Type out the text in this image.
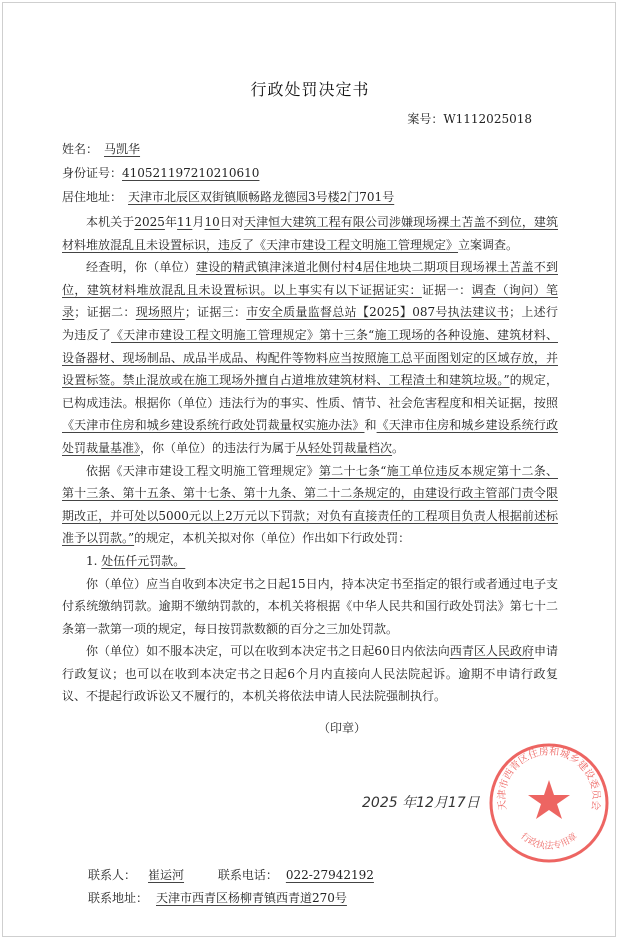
行政处罚决定书
案号：W1112025018
姓名： 马凯华
身份证号：410521197210210610
居住地址： 天津市北辰区双街镇顺畅路龙德园3号楼2门701号

本机关于2025年11月10日对天津恒大建筑工程有限公司涉嫌现场裸土苫盖不到位，建筑材料堆放混乱且未设置标识，违反了《天津市建设工程文明施工管理规定》立案调查。

经查明，你（单位）建设的精武镇津涞道北侧付村4居住地块二期项目现场裸土苫盖不到位，建筑材料堆放混乱且未设置标识。以上事实有以下证据证实：证据一：调查（询问）笔录；证据二：现场照片；证据三：市安全质量监督总站【2025】087号执法建议书；上述行为违反了《天津市建设工程文明施工管理规定》第十三条“施工现场的各种设施、建筑材料、设备器材、现场制品、成品半成品、构配件等物料应当按照施工总平面图划定的区域存放，并设置标签。禁止混放或在施工现场外擅自占道堆放建筑材料、工程渣土和建筑垃圾。”的规定，已构成违法。根据你（单位）违法行为的事实、性质、情节、社会危害程度和相关证据，按照《天津市住房和城乡建设系统行政处罚裁量权实施办法》和《天津市住房和城乡建设系统行政处罚裁量基准》，你（单位）的违法行为属于从轻处罚裁量档次。

依据《天津市建设工程文明施工管理规定》第二十七条“施工单位违反本规定第十二条、第十三条、第十五条、第十七条、第十九条、第二十二条规定的，由建设行政主管部门责令限期改正，并可处以5000元以上2万元以下罚款；对负有直接责任的工程项目负责人根据前述标准予以罚款。”的规定，本机关拟对你（单位）作出如下行政处罚：

1. 处伍仟元罚款。

你（单位）应当自收到本决定书之日起15日内，持本决定书至指定的银行或者通过电子支付系统缴纳罚款。逾期不缴纳罚款的，本机关将根据《中华人民共和国行政处罚法》第七十二条第一款第一项的规定，每日按罚款数额的百分之三加处罚款。

你（单位）如不服本决定，可以在收到本决定书之日起60日内依法向西青区人民政府申请行政复议；也可以在收到本决定书之日起6个月内直接向人民法院起诉。逾期不申请行政复议、不提起行政诉讼又不履行的，本机关将依法申请人民法院强制执行。

（印章）
2025 年12月17日 天津市西青区住房和城乡建设委员会
行政执法专用章
联系人： 崔运河	联系电话： 022-27942192
联系地址： 天津市西青区杨柳青镇西青道270号
